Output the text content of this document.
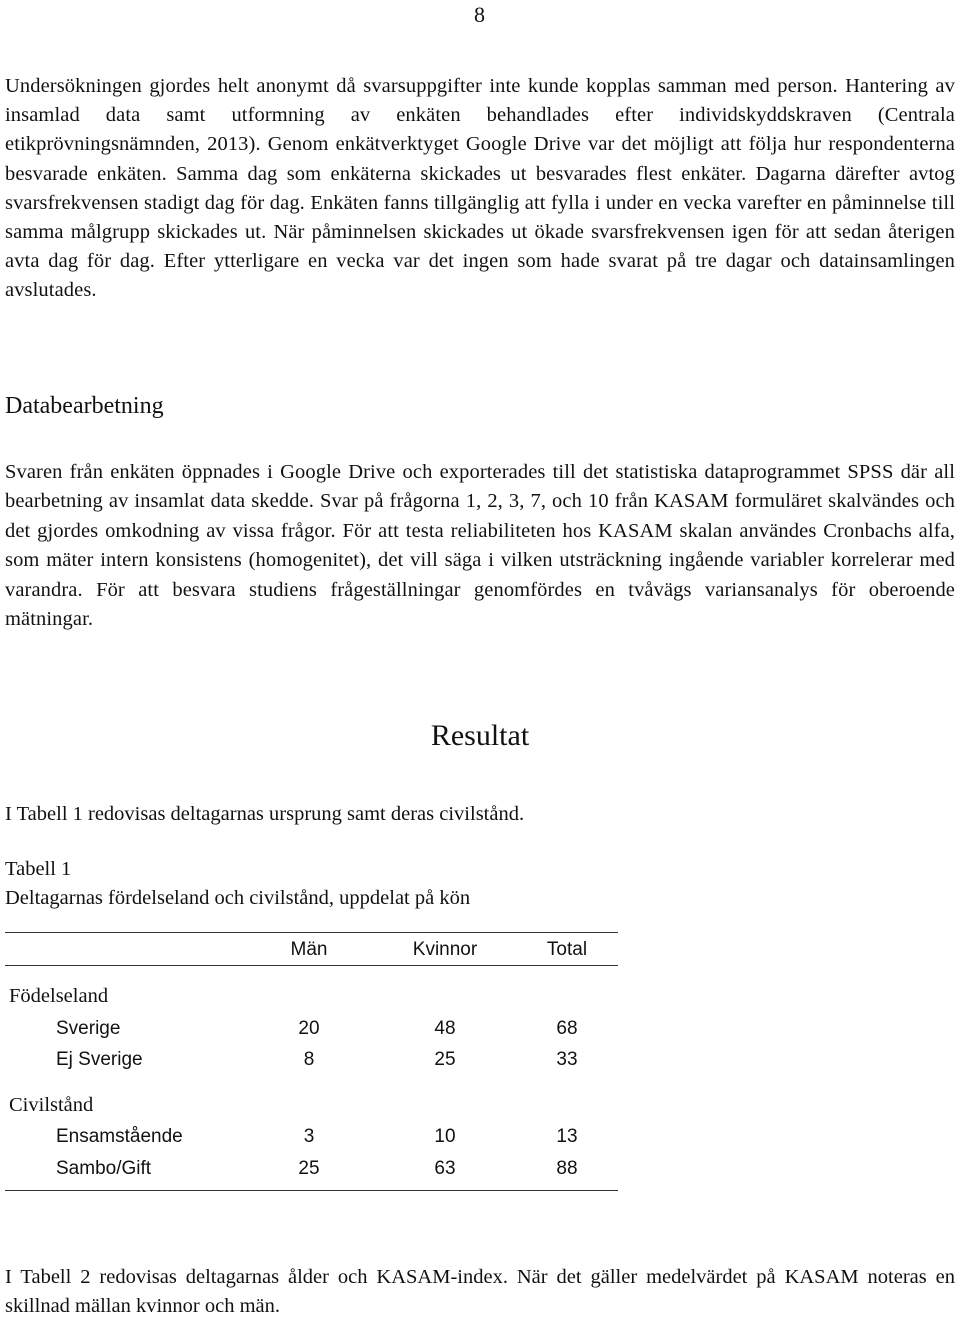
8

Undersökningen gjordes helt anonymt då svarsuppgifter inte kunde kopplas samman med person. Hantering av insamlad data samt utformning av enkäten behandlades efter individskyddskraven (Centrala etikprövningsnämnden, 2013). Genom enkätverktyget Google Drive var det möjligt att följa hur respondenterna besvarade enkäten. Samma dag som enkäterna skickades ut besvarades flest enkäter. Dagarna därefter avtog svarsfrekvensen stadigt dag för dag. Enkäten fanns tillgänglig att fylla i under en vecka varefter en påminnelse till samma målgrupp skickades ut. När påminnelsen skickades ut ökade svarsfrekvensen igen för att sedan återigen avta dag för dag. Efter ytterligare en vecka var det ingen som hade svarat på tre dagar och datainsamlingen avslutades.

Databearbetning

Svaren från enkäten öppnades i Google Drive och exporterades till det statistiska dataprogrammet SPSS där all bearbetning av insamlat data skedde. Svar på frågorna 1, 2, 3, 7, och 10 från KASAM formuläret skalvändes och det gjordes omkodning av vissa frågor. För att testa reliabiliteten hos KASAM skalan användes Cronbachs alfa, som mäter intern konsistens (homogenitet), det vill säga i vilken utsträckning ingående variabler korrelerar med varandra. För att besvara studiens frågeställningar genomfördes en tvåvägs variansanalys för oberoende mätningar.

Resultat

I Tabell 1 redovisas deltagarnas ursprung samt deras civilstånd.

Tabell 1
Deltagarnas fördelseland och civilstånd, uppdelat på kön
Män	Kvinnor	Total
Födelseland
Sverige	20	48	68
Ej Sverige	8	25	33
Civilstånd
Ensamstående	3	10	13
Sambo/Gift	25	63	88

I Tabell 2 redovisas deltagarnas ålder och KASAM-index. När det gäller medelvärdet på KASAM noteras en skillnad mällan kvinnor och män.
